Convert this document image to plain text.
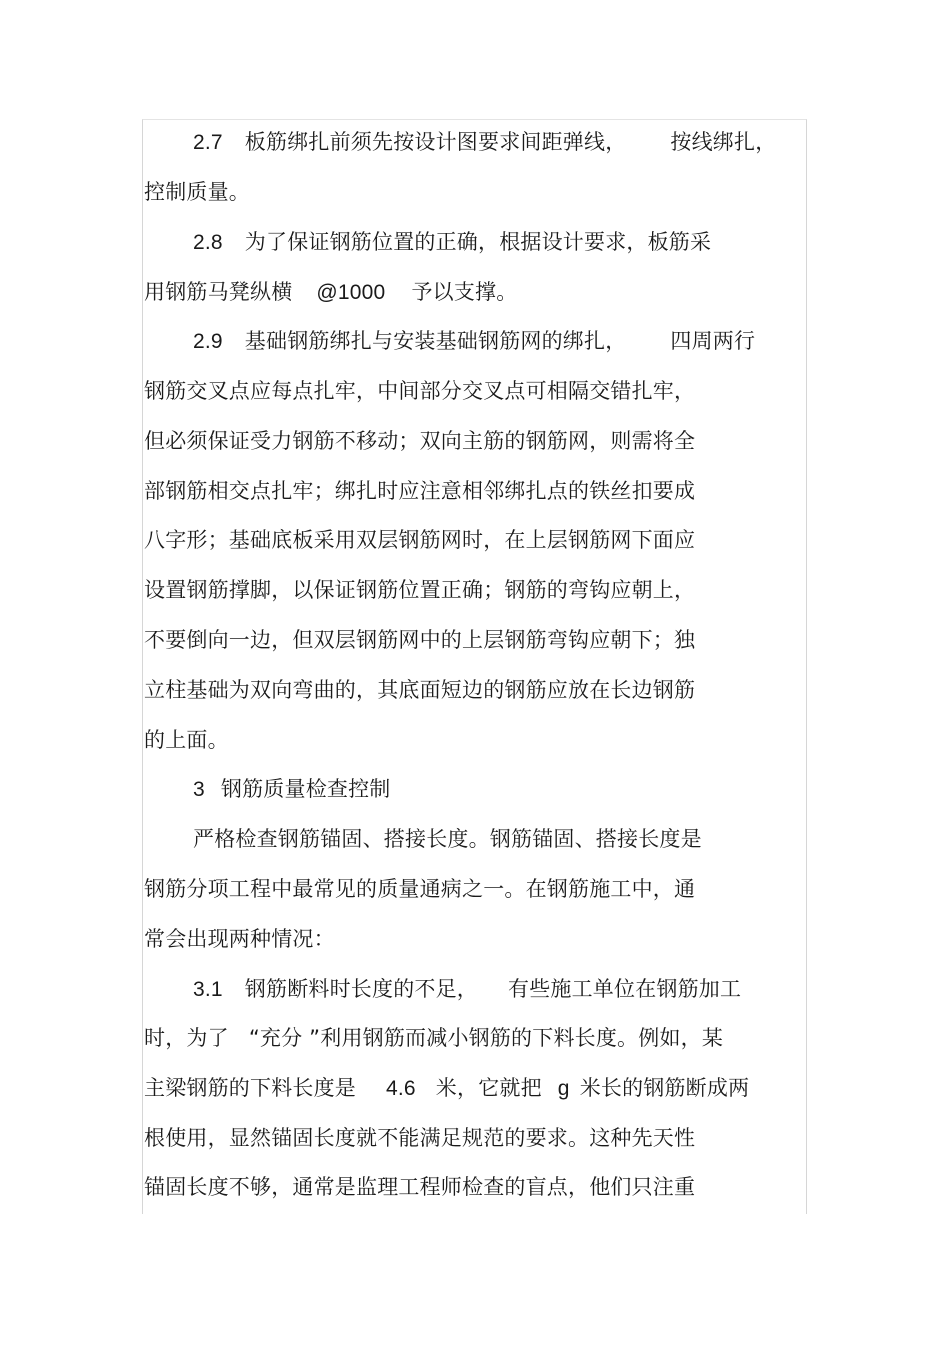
2.7 板筋绑扎前须先按设计图要求间距弹线， 按线绑扎，
控制质量。
2.8 为了保证钢筋位置的正确，根据设计要求，板筋采
用钢筋马凳纵横 @1000 予以支撑。
2.9 基础钢筋绑扎与安装基础钢筋网的绑扎， 四周两行
钢筋交叉点应每点扎牢，中间部分交叉点可相隔交错扎牢，
但必须保证受力钢筋不移动；双向主筋的钢筋网，则需将全
部钢筋相交点扎牢；绑扎时应注意相邻绑扎点的铁丝扣要成
八字形；基础底板采用双层钢筋网时，在上层钢筋网下面应
设置钢筋撑脚，以保证钢筋位置正确；钢筋的弯钩应朝上，
不要倒向一边，但双层钢筋网中的上层钢筋弯钩应朝下；独
立柱基础为双向弯曲的，其底面短边的钢筋应放在长边钢筋
的上面。
3 钢筋质量检查控制
严格检查钢筋锚固、搭接长度。钢筋锚固、搭接长度是
钢筋分项工程中最常见的质量通病之一。在钢筋施工中，通
常会出现两种情况：
3.1 钢筋断料时长度的不足， 有些施工单位在钢筋加工
时，为了 “充分 ”利用钢筋而减小钢筋的下料长度。例如，某
主梁钢筋的下料长度是 4.6 米，它就把 g 米长的钢筋断成两
根使用，显然锚固长度就不能满足规范的要求。这种先天性
锚固长度不够，通常是监理工程师检查的盲点，他们只注重
